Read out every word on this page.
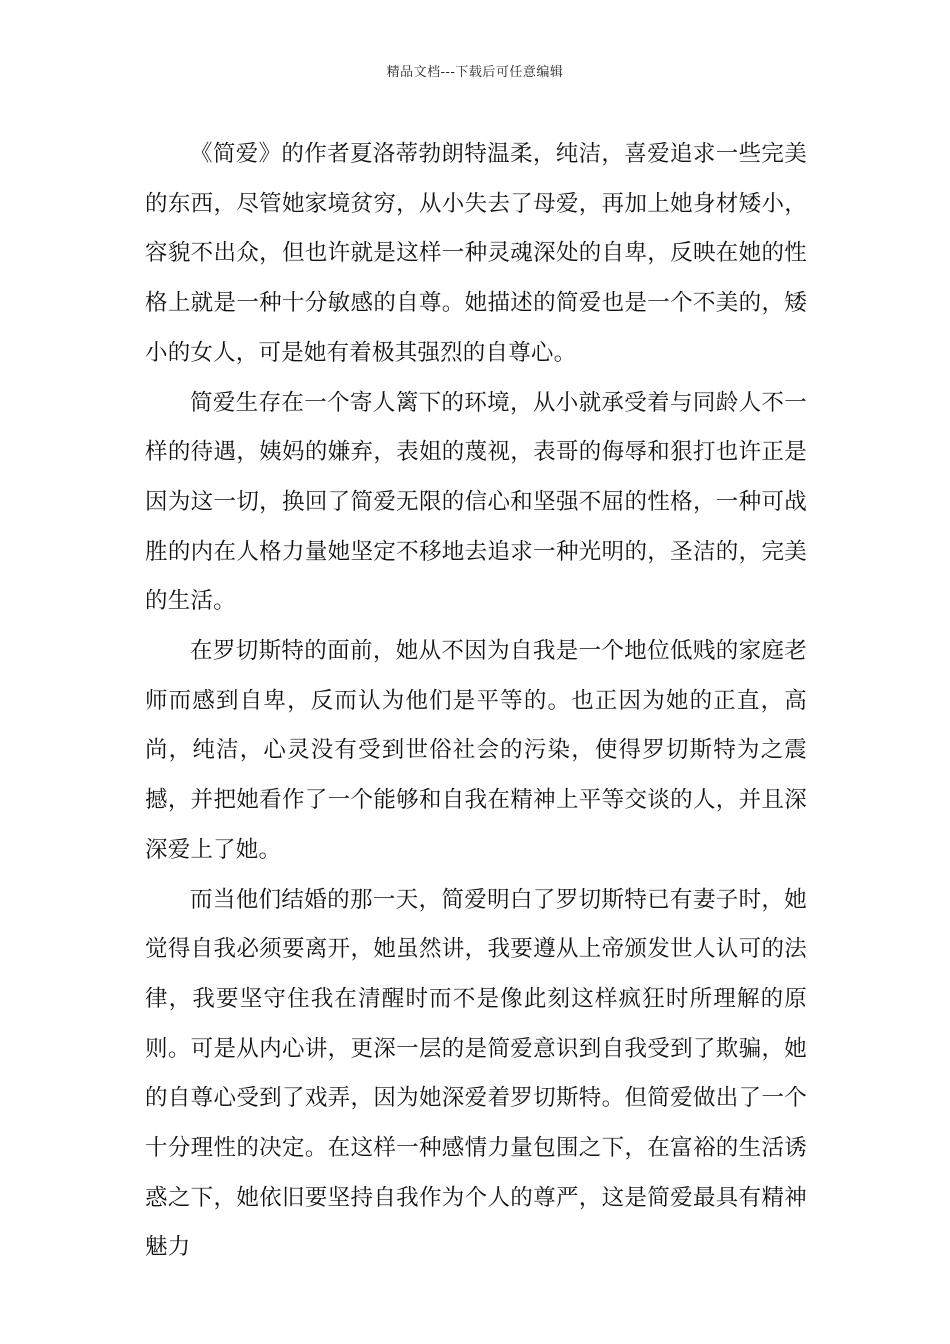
精品文档---下载后可任意编辑

《简爱》的作者夏洛蒂勃朗特温柔，纯洁，喜爱追求一些完美的东西，尽管她家境贫穷，从小失去了母爱，再加上她身材矮小，容貌不出众，但也许就是这样一种灵魂深处的自卑，反映在她的性格上就是一种十分敏感的自尊。她描述的简爱也是一个不美的，矮小的女人，可是她有着极其强烈的自尊心。

简爱生存在一个寄人篱下的环境，从小就承受着与同龄人不一样的待遇，姨妈的嫌弃，表姐的蔑视，表哥的侮辱和狠打也许正是因为这一切，换回了简爱无限的信心和坚强不屈的性格，一种可战胜的内在人格力量她坚定不移地去追求一种光明的，圣洁的，完美的生活。

在罗切斯特的面前，她从不因为自我是一个地位低贱的家庭老师而感到自卑，反而认为他们是平等的。也正因为她的正直，高尚，纯洁，心灵没有受到世俗社会的污染，使得罗切斯特为之震撼，并把她看作了一个能够和自我在精神上平等交谈的人，并且深深爱上了她。

而当他们结婚的那一天，简爱明白了罗切斯特已有妻子时，她觉得自我必须要离开，她虽然讲，我要遵从上帝颁发世人认可的法律，我要坚守住我在清醒时而不是像此刻这样疯狂时所理解的原则。可是从内心讲，更深一层的是简爱意识到自我受到了欺骗，她的自尊心受到了戏弄，因为她深爱着罗切斯特。但简爱做出了一个十分理性的决定。在这样一种感情力量包围之下，在富裕的生活诱惑之下，她依旧要坚持自我作为个人的尊严，这是简爱最具有精神魅力
